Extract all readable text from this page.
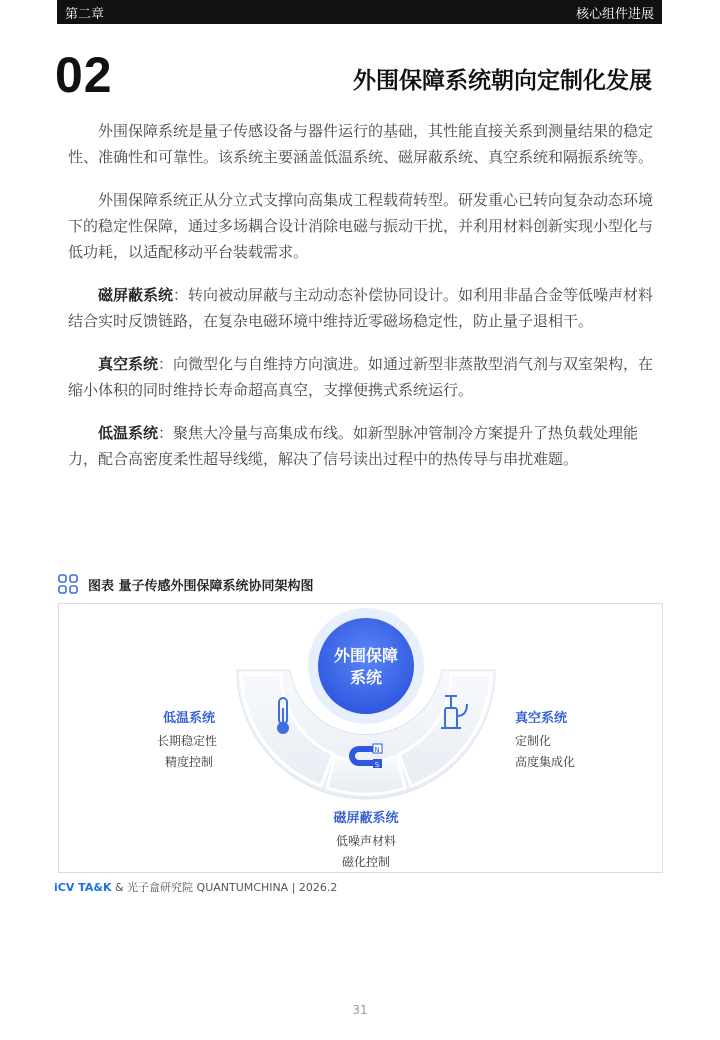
第二章	核心组件进展
02	外围保障系统朝向定制化发展

外围保障系统是量子传感设备与器件运行的基础，其性能直接关系到测量结果的稳定性、准确性和可靠性。该系统主要涵盖低温系统、磁屏蔽系统、真空系统和隔振系统等。

外围保障系统正从分立式支撑向高集成工程载荷转型。研发重心已转向复杂动态环境下的稳定性保障，通过多场耦合设计消除电磁与振动干扰，并利用材料创新实现小型化与低功耗，以适配移动平台装载需求。

磁屏蔽系统：转向被动屏蔽与主动动态补偿协同设计。如利用非晶合金等低噪声材料结合实时反馈链路，在复杂电磁环境中维持近零磁场稳定性，防止量子退相干。

真空系统：向微型化与自维持方向演进。如通过新型非蒸散型消气剂与双室架构，在缩小体积的同时维持长寿命超高真空，支撑便携式系统运行。

低温系统：聚焦大冷量与高集成布线。如新型脉冲管制冷方案提升了热负载处理能力，配合高密度柔性超导线缆，解决了信号读出过程中的热传导与串扰难题。

图表 量子传感外围保障系统协同架构图
外围保障
系统
N
S
低温系统
长期稳定性
精度控制
真空系统
定制化
高度集成化
磁屏蔽系统
低噪声材料
磁化控制
iCV TA&K & 光子盒研究院 QUANTUMCHINA | 2026.2
31
